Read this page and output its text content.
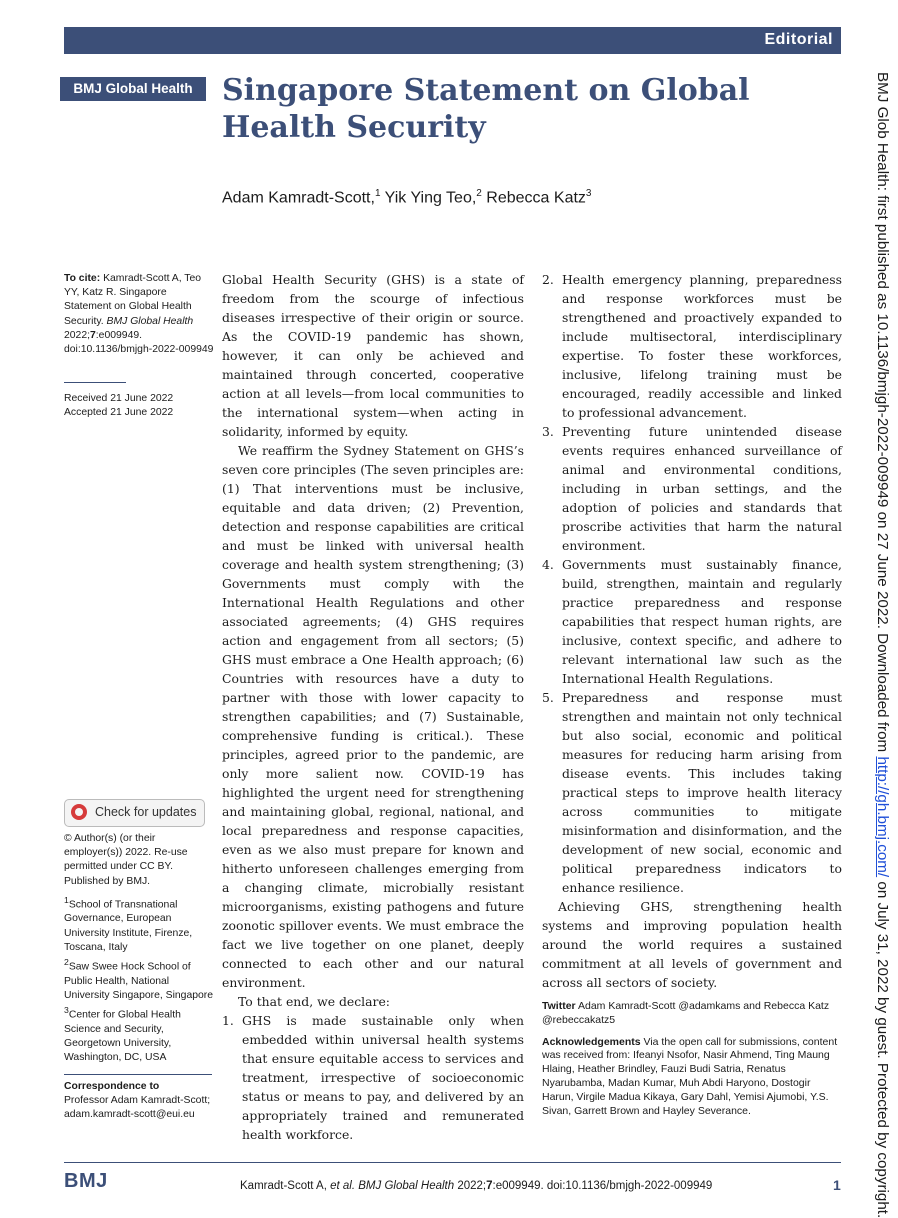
Editorial
BMJ Global Health Singapore Statement on Global Health Security
Adam Kamradt-Scott,$^1$ Yik Ying Teo,$^2$ Rebecca Katz$^3$

To cite: Kamradt-Scott A, Teo YY, Katz R. Singapore Statement on Global Health Security. BMJ Global Health 2022;7:e009949. doi:10.1136/bmjgh-2022-009949

Received 21 June 2022

Accepted 21 June 2022

Check for updates

© Author(s) (or their employer(s)) 2022. Re-use permitted under CC BY. Published by BMJ.

$^1$School of Transnational Governance, European University Institute, Firenze, Toscana, Italy

$^2$Saw Swee Hock School of Public Health, National University Singapore, Singapore

$^3$Center for Global Health Science and Security, Georgetown University, Washington, DC, USA

Correspondence to

Professor Adam Kamradt-Scott; adam.kamradt-scott@eui.eu

Global Health Security (GHS) is a state of freedom from the scourge of infectious diseases irrespective of their origin or source. As the COVID-19 pandemic has shown, however, it can only be achieved and maintained through concerted, cooperative action at all levels—from local communities to the international system—when acting in solidarity, informed by equity.

We reaffirm the Sydney Statement on GHS’s seven core principles (The seven principles are: (1) That interventions must be inclusive, equitable and data driven; (2) Prevention, detection and response capabilities are critical and must be linked with universal health coverage and health system strengthening; (3) Governments must comply with the International Health Regulations and other associated agreements; (4) GHS requires action and engagement from all sectors; (5) GHS must embrace a One Health approach; (6) Countries with resources have a duty to partner with those with lower capacity to strengthen capabilities; and (7) Sustainable, comprehensive funding is critical.). These principles, agreed prior to the pandemic, are only more salient now. COVID-19 has highlighted the urgent need for strengthening and maintaining global, regional, national, and local preparedness and response capacities, even as we also must prepare for known and hitherto unforeseen challenges emerging from a changing climate, microbially resistant microorganisms, existing pathogens and future zoonotic spillover events. We must embrace the fact we live together on one planet, deeply connected to each other and our natural environment.

To that end, we declare:

1. GHS is made sustainable only when embedded within universal health systems that ensure equitable access to services and treatment, irrespective of socioeconomic status or means to pay, and delivered by an appropriately trained and remunerated health workforce.
2. Health emergency planning, preparedness and response workforces must be strengthened and proactively expanded to include multisectoral, interdisciplinary expertise. To foster these workforces, inclusive, lifelong training must be encouraged, readily accessible and linked to professional advancement.
3. Preventing future unintended disease events requires enhanced surveillance of animal and environmental conditions, including in urban settings, and the adoption of policies and standards that proscribe activities that harm the natural environment.
4. Governments must sustainably finance, build, strengthen, maintain and regularly practice preparedness and response capabilities that respect human rights, are inclusive, context specific, and adhere to relevant international law such as the International Health Regulations.
5. Preparedness and response must strengthen and maintain not only technical but also social, economic and political measures for reducing harm arising from disease events. This includes taking practical steps to improve health literacy across communities to mitigate misinformation and disinformation, and the development of new social, economic and political preparedness indicators to enhance resilience.

Achieving GHS, strengthening health systems and improving population health around the world requires a sustained commitment at all levels of government and across all sectors of society.

Twitter Adam Kamradt-Scott @adamkams and Rebecca Katz @rebeccakatz5

Acknowledgements Via the open call for submissions, content was received from: Ifeanyi Nsofor, Nasir Ahmend, Ting Maung Hlaing, Heather Brindley, Fauzi Budi Satria, Renatus Nyarubamba, Madan Kumar, Muh Abdi Haryono, Dostogir Harun, Virgile Madua Kikaya, Gary Dahl, Yemisi Ajumobi, Y.S. Sivan, Garrett Brown and Hayley Severance.

BMJ Glob Health: first published as 10.1136/bmjgh-2022-009949 on 27 June 2022. Downloaded from http://gh.bmj.com/ on July 31, 2022 by guest. Protected by copyright.
BMJ	Kamradt-Scott A, et al. BMJ Global Health 2022;7:e009949. doi:10.1136/bmjgh-2022-009949	1
